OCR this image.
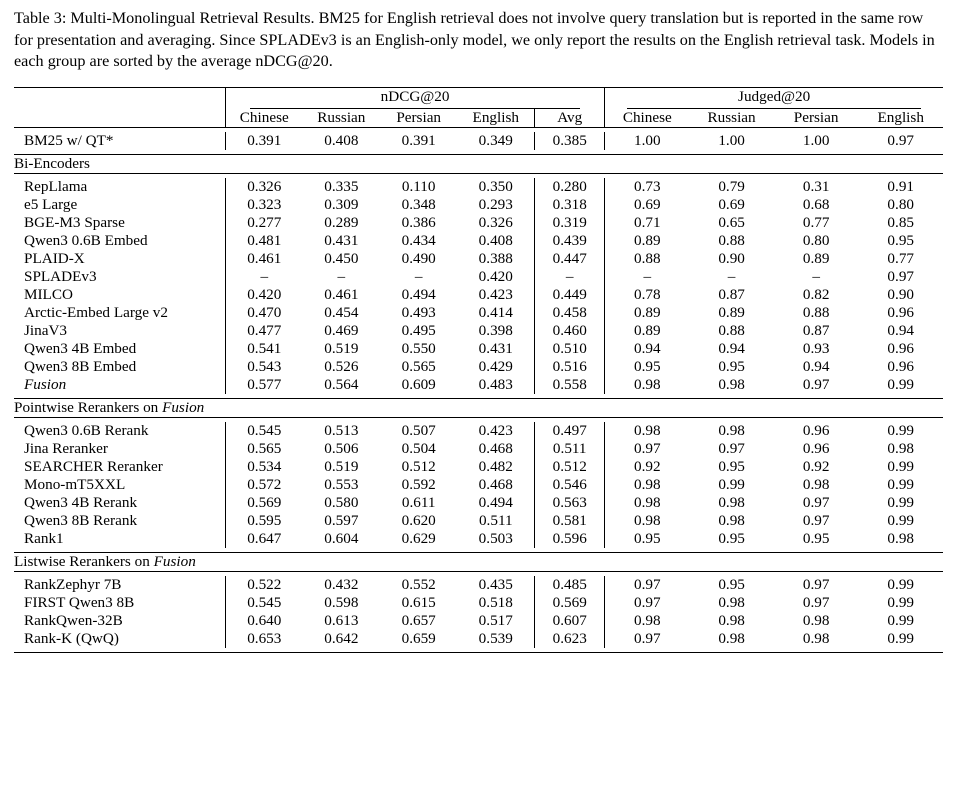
Table 3: Multi-Monolingual Retrieval Results. BM25 for English retrieval does not involve query translation but is reported in the same row for presentation and averaging. Since SPLADEv3 is an English-only model, we only report the results on the English retrieval task. Models in each group are sorted by the average nDCG@20.

	nDCG@20					Judged@20			
	Chinese	Russian	Persian	English	Avg	Chinese	Russian	Persian	English

BM25 w/ QT*	0.391	0.408	0.391	0.349	0.385	1.00	1.00	1.00	0.97

Bi-Encoders									

RepLlama	0.326	0.335	0.110	0.350	0.280	0.73	0.79	0.31	0.91
e5 Large	0.323	0.309	0.348	0.293	0.318	0.69	0.69	0.68	0.80
BGE-M3 Sparse	0.277	0.289	0.386	0.326	0.319	0.71	0.65	0.77	0.85
Qwen3 0.6B Embed	0.481	0.431	0.434	0.408	0.439	0.89	0.88	0.80	0.95
PLAID-X	0.461	0.450	0.490	0.388	0.447	0.88	0.90	0.89	0.77
SPLADEv3	–	–	–	0.420	–	–	–	–	0.97
MILCO	0.420	0.461	0.494	0.423	0.449	0.78	0.87	0.82	0.90
Arctic-Embed Large v2	0.470	0.454	0.493	0.414	0.458	0.89	0.89	0.88	0.96
JinaV3	0.477	0.469	0.495	0.398	0.460	0.89	0.88	0.87	0.94
Qwen3 4B Embed	0.541	0.519	0.550	0.431	0.510	0.94	0.94	0.93	0.96
Qwen3 8B Embed	0.543	0.526	0.565	0.429	0.516	0.95	0.95	0.94	0.96
Fusion	0.577	0.564	0.609	0.483	0.558	0.98	0.98	0.97	0.99

Pointwise Rerankers on Fusion									

Qwen3 0.6B Rerank	0.545	0.513	0.507	0.423	0.497	0.98	0.98	0.96	0.99
Jina Reranker	0.565	0.506	0.504	0.468	0.511	0.97	0.97	0.96	0.98
SEARCHER Reranker	0.534	0.519	0.512	0.482	0.512	0.92	0.95	0.92	0.99
Mono-mT5XXL	0.572	0.553	0.592	0.468	0.546	0.98	0.99	0.98	0.99
Qwen3 4B Rerank	0.569	0.580	0.611	0.494	0.563	0.98	0.98	0.97	0.99
Qwen3 8B Rerank	0.595	0.597	0.620	0.511	0.581	0.98	0.98	0.97	0.99
Rank1	0.647	0.604	0.629	0.503	0.596	0.95	0.95	0.95	0.98

Listwise Rerankers on Fusion									

RankZephyr 7B	0.522	0.432	0.552	0.435	0.485	0.97	0.95	0.97	0.99
FIRST Qwen3 8B	0.545	0.598	0.615	0.518	0.569	0.97	0.98	0.97	0.99
RankQwen-32B	0.640	0.613	0.657	0.517	0.607	0.98	0.98	0.98	0.99
Rank-K (QwQ)	0.653	0.642	0.659	0.539	0.623	0.97	0.98	0.98	0.99
